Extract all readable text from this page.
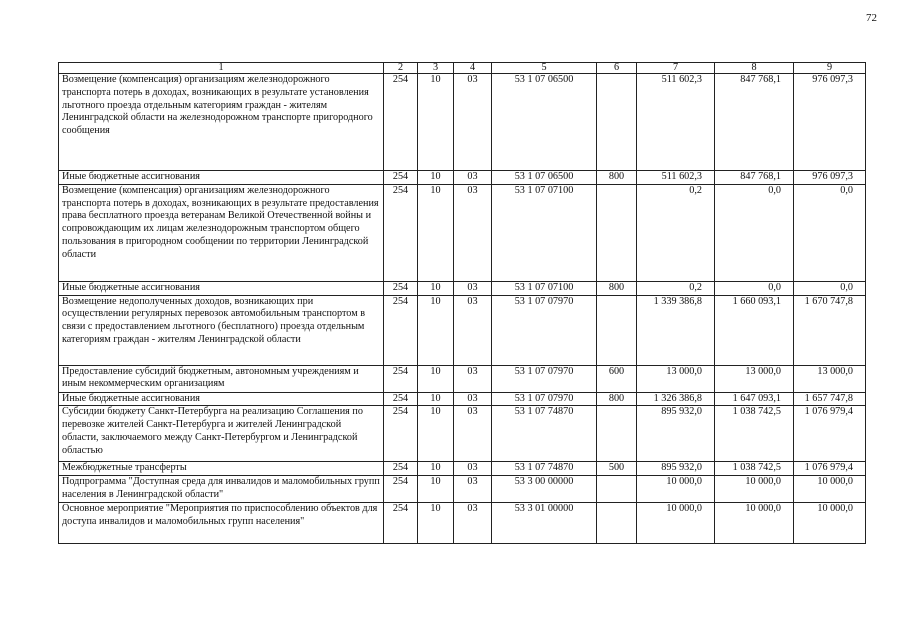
72
1	2	3	4	5	6	7	8	9
Возмещение (компенсация) организациям железнодорожного транспорта потерь в доходах, возникающих в результате установления льготного проезда отдельным категориям граждан - жителям Ленинградской области на железнодорожном транспорте пригородного сообщения	254	10	03	53 1 07 06500		511 602,3	847 768,1	976 097,3
Иные бюджетные ассигнования	254	10	03	53 1 07 06500	800	511 602,3	847 768,1	976 097,3
Возмещение (компенсация) организациям железнодорожного транспорта потерь в доходах, возникающих в результате предоставления права бесплатного проезда ветеранам Великой Отечественной войны и сопровождающим их лицам железнодорожным транспортом общего пользования в пригородном сообщении по территории Ленинградской области	254	10	03	53 1 07 07100		0,2	0,0	0,0
Иные бюджетные ассигнования	254	10	03	53 1 07 07100	800	0,2	0,0	0,0
Возмещение недополученных доходов, возникающих при осуществлении регулярных перевозок автомобильным транспортом в связи с предоставлением льготного (бесплатного) проезда отдельным категориям граждан - жителям Ленинградской области	254	10	03	53 1 07 07970		1 339 386,8	1 660 093,1	1 670 747,8
Предоставление субсидий бюджетным, автономным учреждениям и иным некоммерческим организациям	254	10	03	53 1 07 07970	600	13 000,0	13 000,0	13 000,0
Иные бюджетные ассигнования	254	10	03	53 1 07 07970	800	1 326 386,8	1 647 093,1	1 657 747,8
Субсидии бюджету Санкт-Петербурга на реализацию Соглашения по перевозке жителей Санкт-Петербурга и жителей Ленинградской области, заключаемого между Санкт-Петербургом и Ленинградской областью	254	10	03	53 1 07 74870		895 932,0	1 038 742,5	1 076 979,4
Межбюджетные трансферты	254	10	03	53 1 07 74870	500	895 932,0	1 038 742,5	1 076 979,4
Подпрограмма "Доступная среда для инвалидов и маломобильных групп населения в Ленинградской области"	254	10	03	53 3 00 00000		10 000,0	10 000,0	10 000,0
Основное мероприятие "Мероприятия по приспособлению объектов для доступа инвалидов и маломобильных групп населения"	254	10	03	53 3 01 00000		10 000,0	10 000,0	10 000,0
